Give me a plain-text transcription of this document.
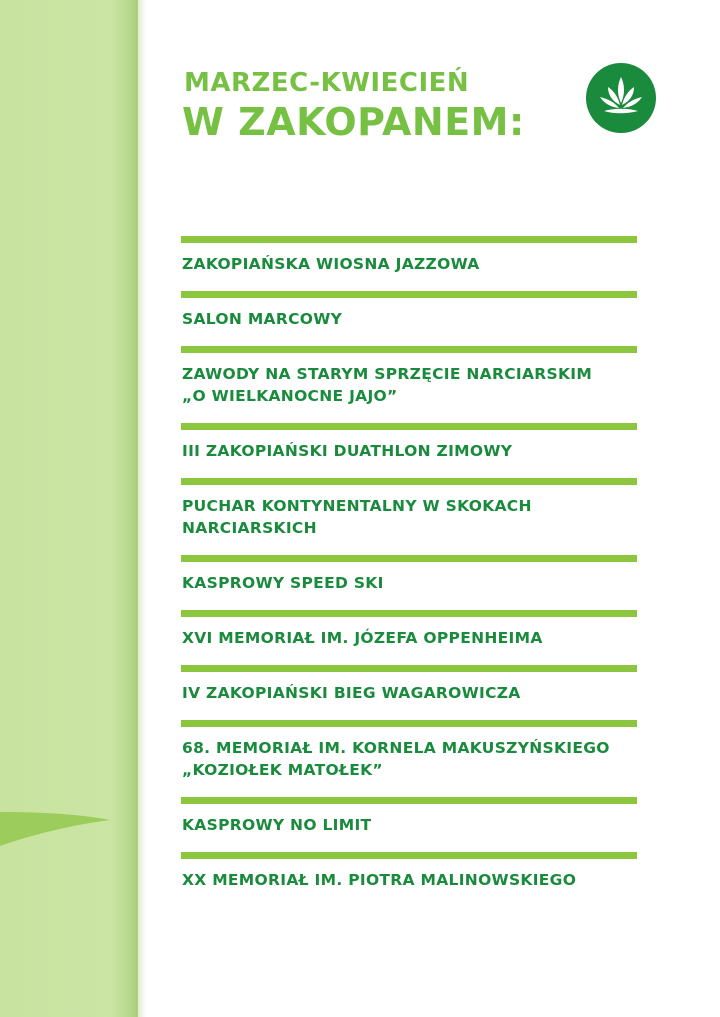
MARZEC-KWIECIEŃ
W ZAKOPANEM:
ZAKOPIAŃSKA WIOSNA JAZZOWA
SALON MARCOWY
ZAWODY NA STARYM SPRZĘCIE NARCIARSKIM
„O WIELKANOCNE JAJO”
III ZAKOPIAŃSKI DUATHLON ZIMOWY
PUCHAR KONTYNENTALNY W SKOKACH
NARCIARSKICH
KASPROWY SPEED SKI
XVI MEMORIAŁ IM. JÓZEFA OPPENHEIMA
IV ZAKOPIAŃSKI BIEG WAGAROWICZA
68. MEMORIAŁ IM. KORNELA MAKUSZYŃSKIEGO
„KOZIOŁEK MATOŁEK”
KASPROWY NO LIMIT
XX MEMORIAŁ IM. PIOTRA MALINOWSKIEGO
